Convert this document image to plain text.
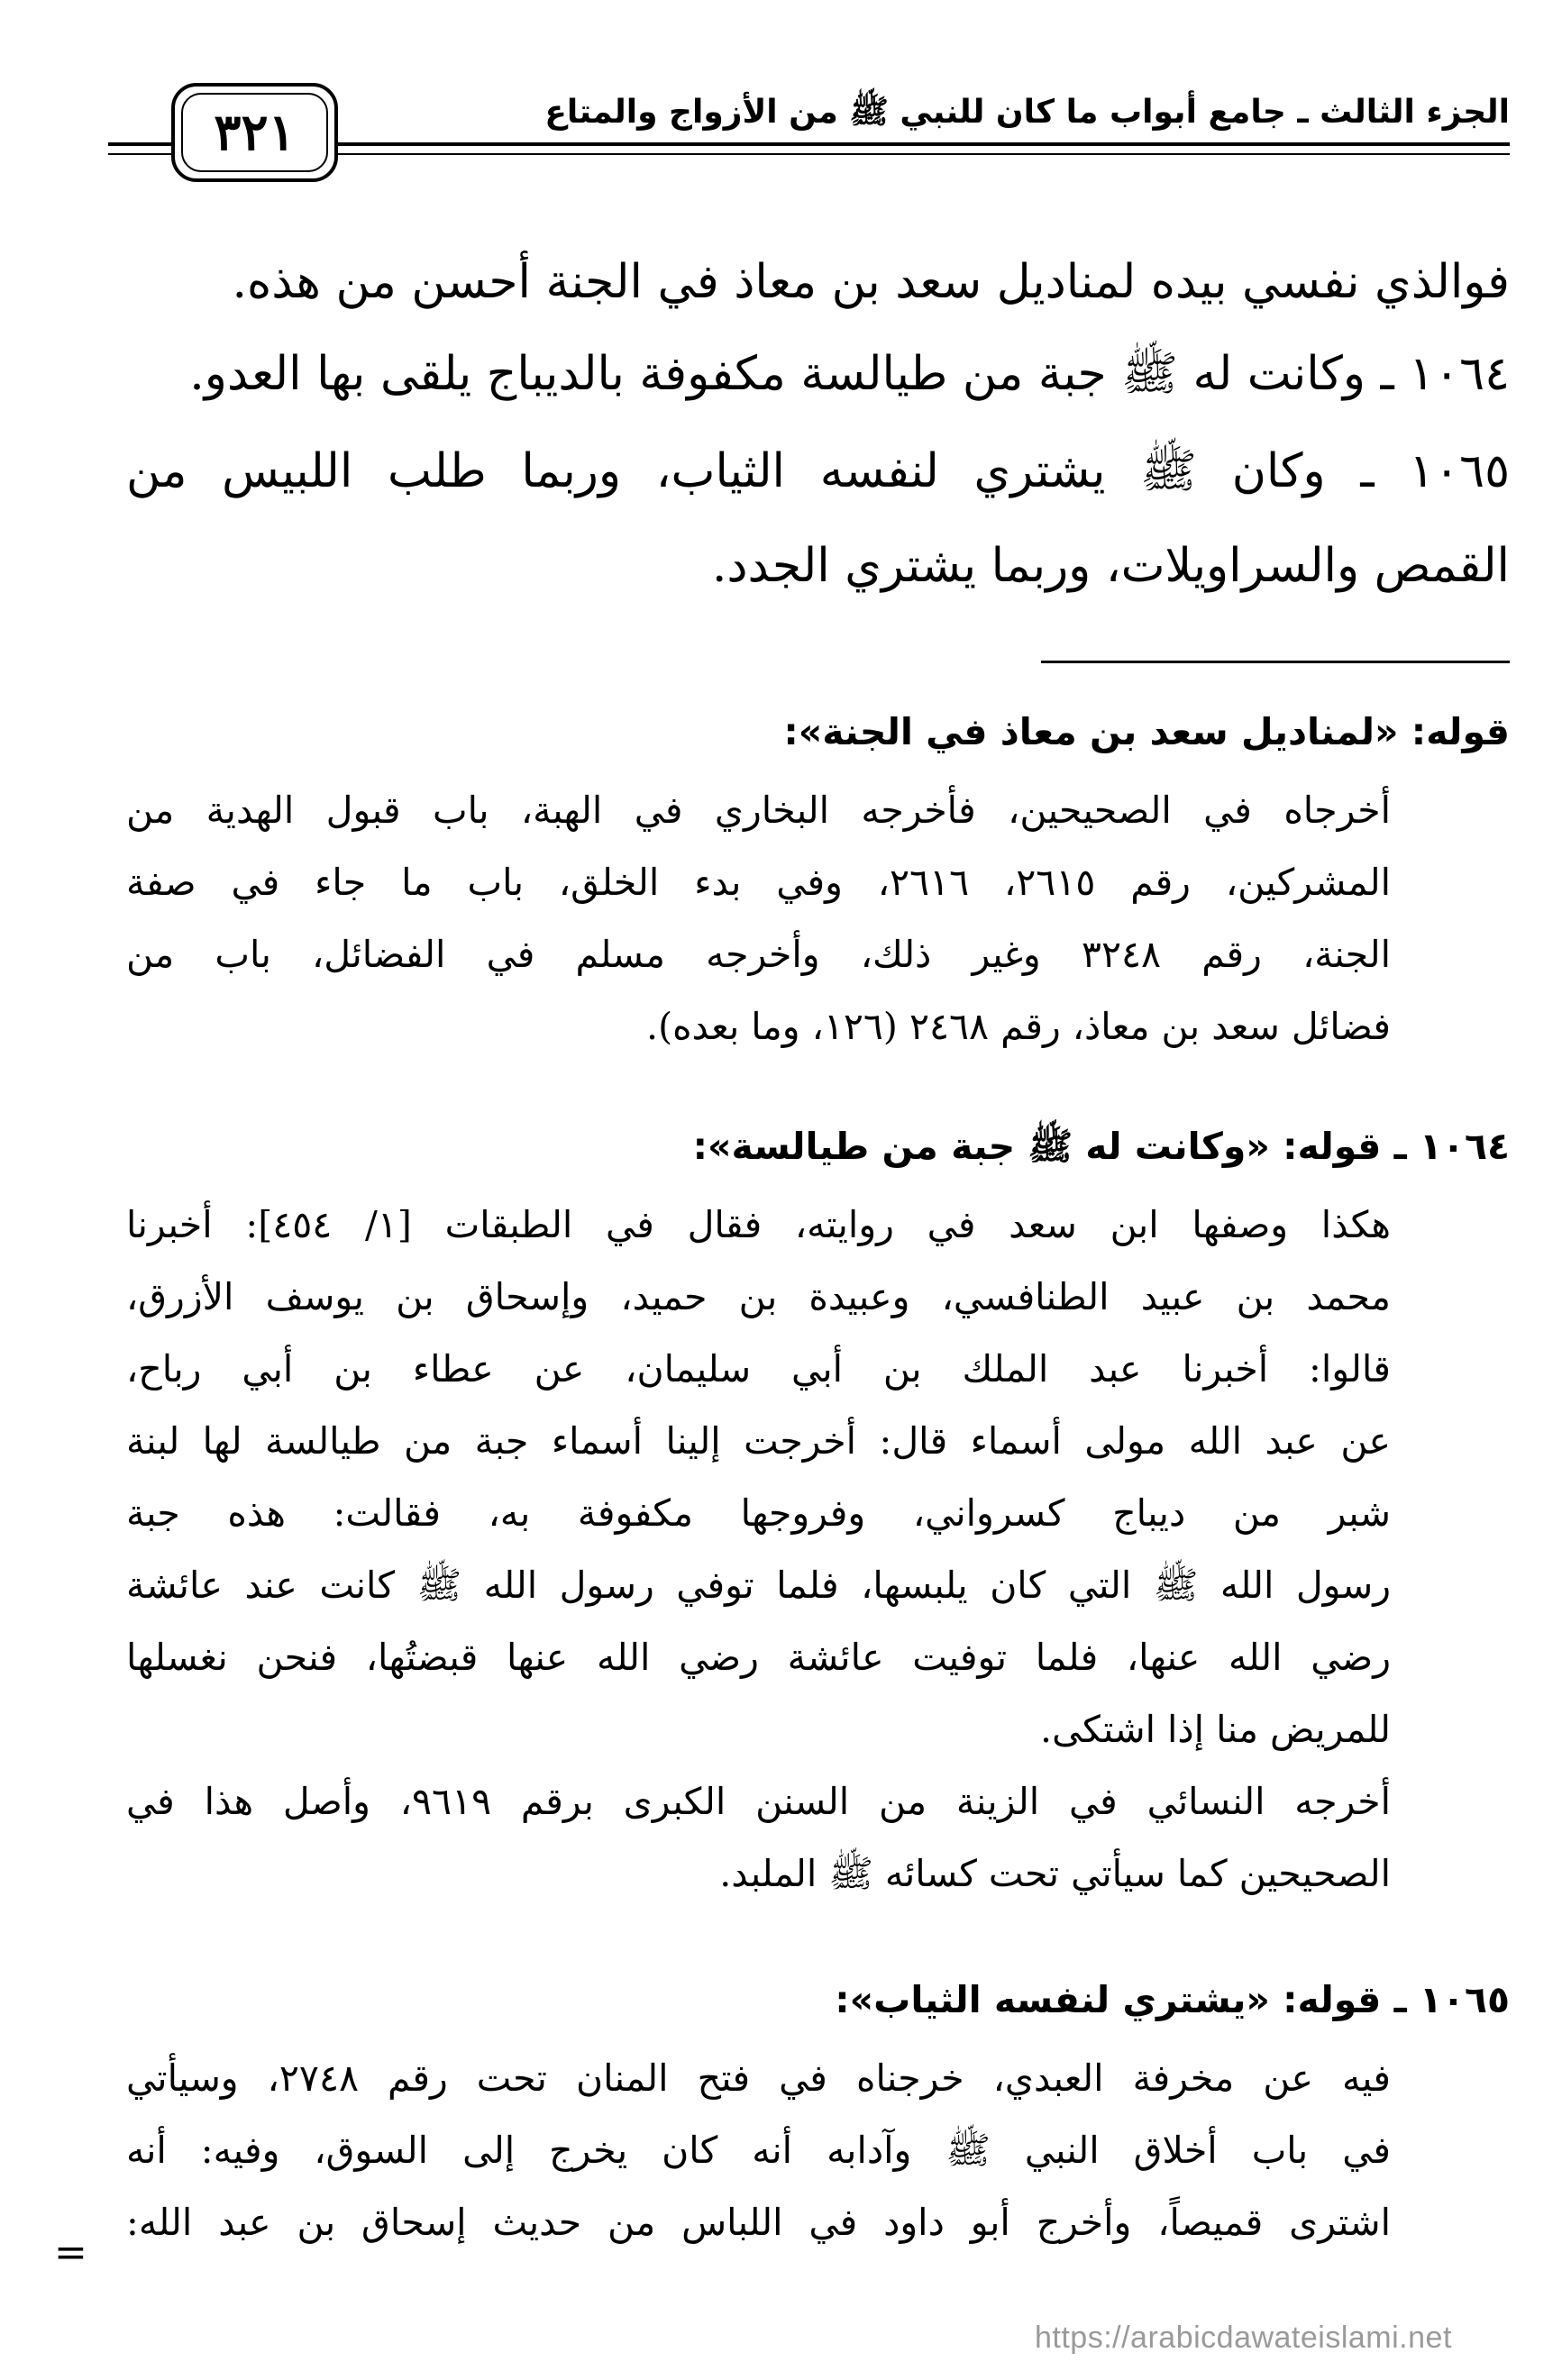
الجزء الثالث ـ جامع أبواب ما كان للنبي ﷺ من الأزواج والمتاع
٣٢١
فوالذي نفسي بيده لمناديل سعد بن معاذ في الجنة أحسن من هذه.
١٠٦٤ ـ وكانت له ﷺ جبة من طيالسة مكفوفة بالديباج يلقى بها العدو.
١٠٦٥ ـ وكان ﷺ يشتري لنفسه الثياب، وربما طلب اللبيس من
القمص والسراويلات، وربما يشتري الجدد.
قوله: «لمناديل سعد بن معاذ في الجنة»:
أخرجاه في الصحيحين، فأخرجه البخاري في الهبة، باب قبول الهدية من
المشركين، رقم ٢٦١٥، ٢٦١٦، وفي بدء الخلق، باب ما جاء في صفة
الجنة، رقم ٣٢٤٨ وغير ذلك، وأخرجه مسلم في الفضائل، باب من
فضائل سعد بن معاذ، رقم ٢٤٦٨ (١٢٦، وما بعده).
١٠٦٤ ـ قوله: «وكانت له ﷺ جبة من طيالسة»:
هكذا وصفها ابن سعد في روايته، فقال في الطبقات [١/ ٤٥٤]: أخبرنا
محمد بن عبيد الطنافسي، وعبيدة بن حميد، وإسحاق بن يوسف الأزرق،
قالوا: أخبرنا عبد الملك بن أبي سليمان، عن عطاء بن أبي رباح،
عن عبد الله مولى أسماء قال: أخرجت إلينا أسماء جبة من طيالسة لها لبنة
شبر من ديباج كسرواني، وفروجها مكفوفة به، فقالت: هذه جبة
رسول الله ﷺ التي كان يلبسها، فلما توفي رسول الله ﷺ كانت عند عائشة
رضي الله عنها، فلما توفيت عائشة رضي الله عنها قبضتُها، فنحن نغسلها
للمريض منا إذا اشتكى.
أخرجه النسائي في الزينة من السنن الكبرى برقم ٩٦١٩، وأصل هذا في
الصحيحين كما سيأتي تحت كسائه ﷺ الملبد.
١٠٦٥ ـ قوله: «يشتري لنفسه الثياب»:
فيه عن مخرفة العبدي، خرجناه في فتح المنان تحت رقم ٢٧٤٨، وسيأتي
في باب أخلاق النبي ﷺ وآدابه أنه كان يخرج إلى السوق، وفيه: أنه
اشترى قميصاً، وأخرج أبو داود في اللباس من حديث إسحاق بن عبد الله:
=
https://arabicdawateislami.net
